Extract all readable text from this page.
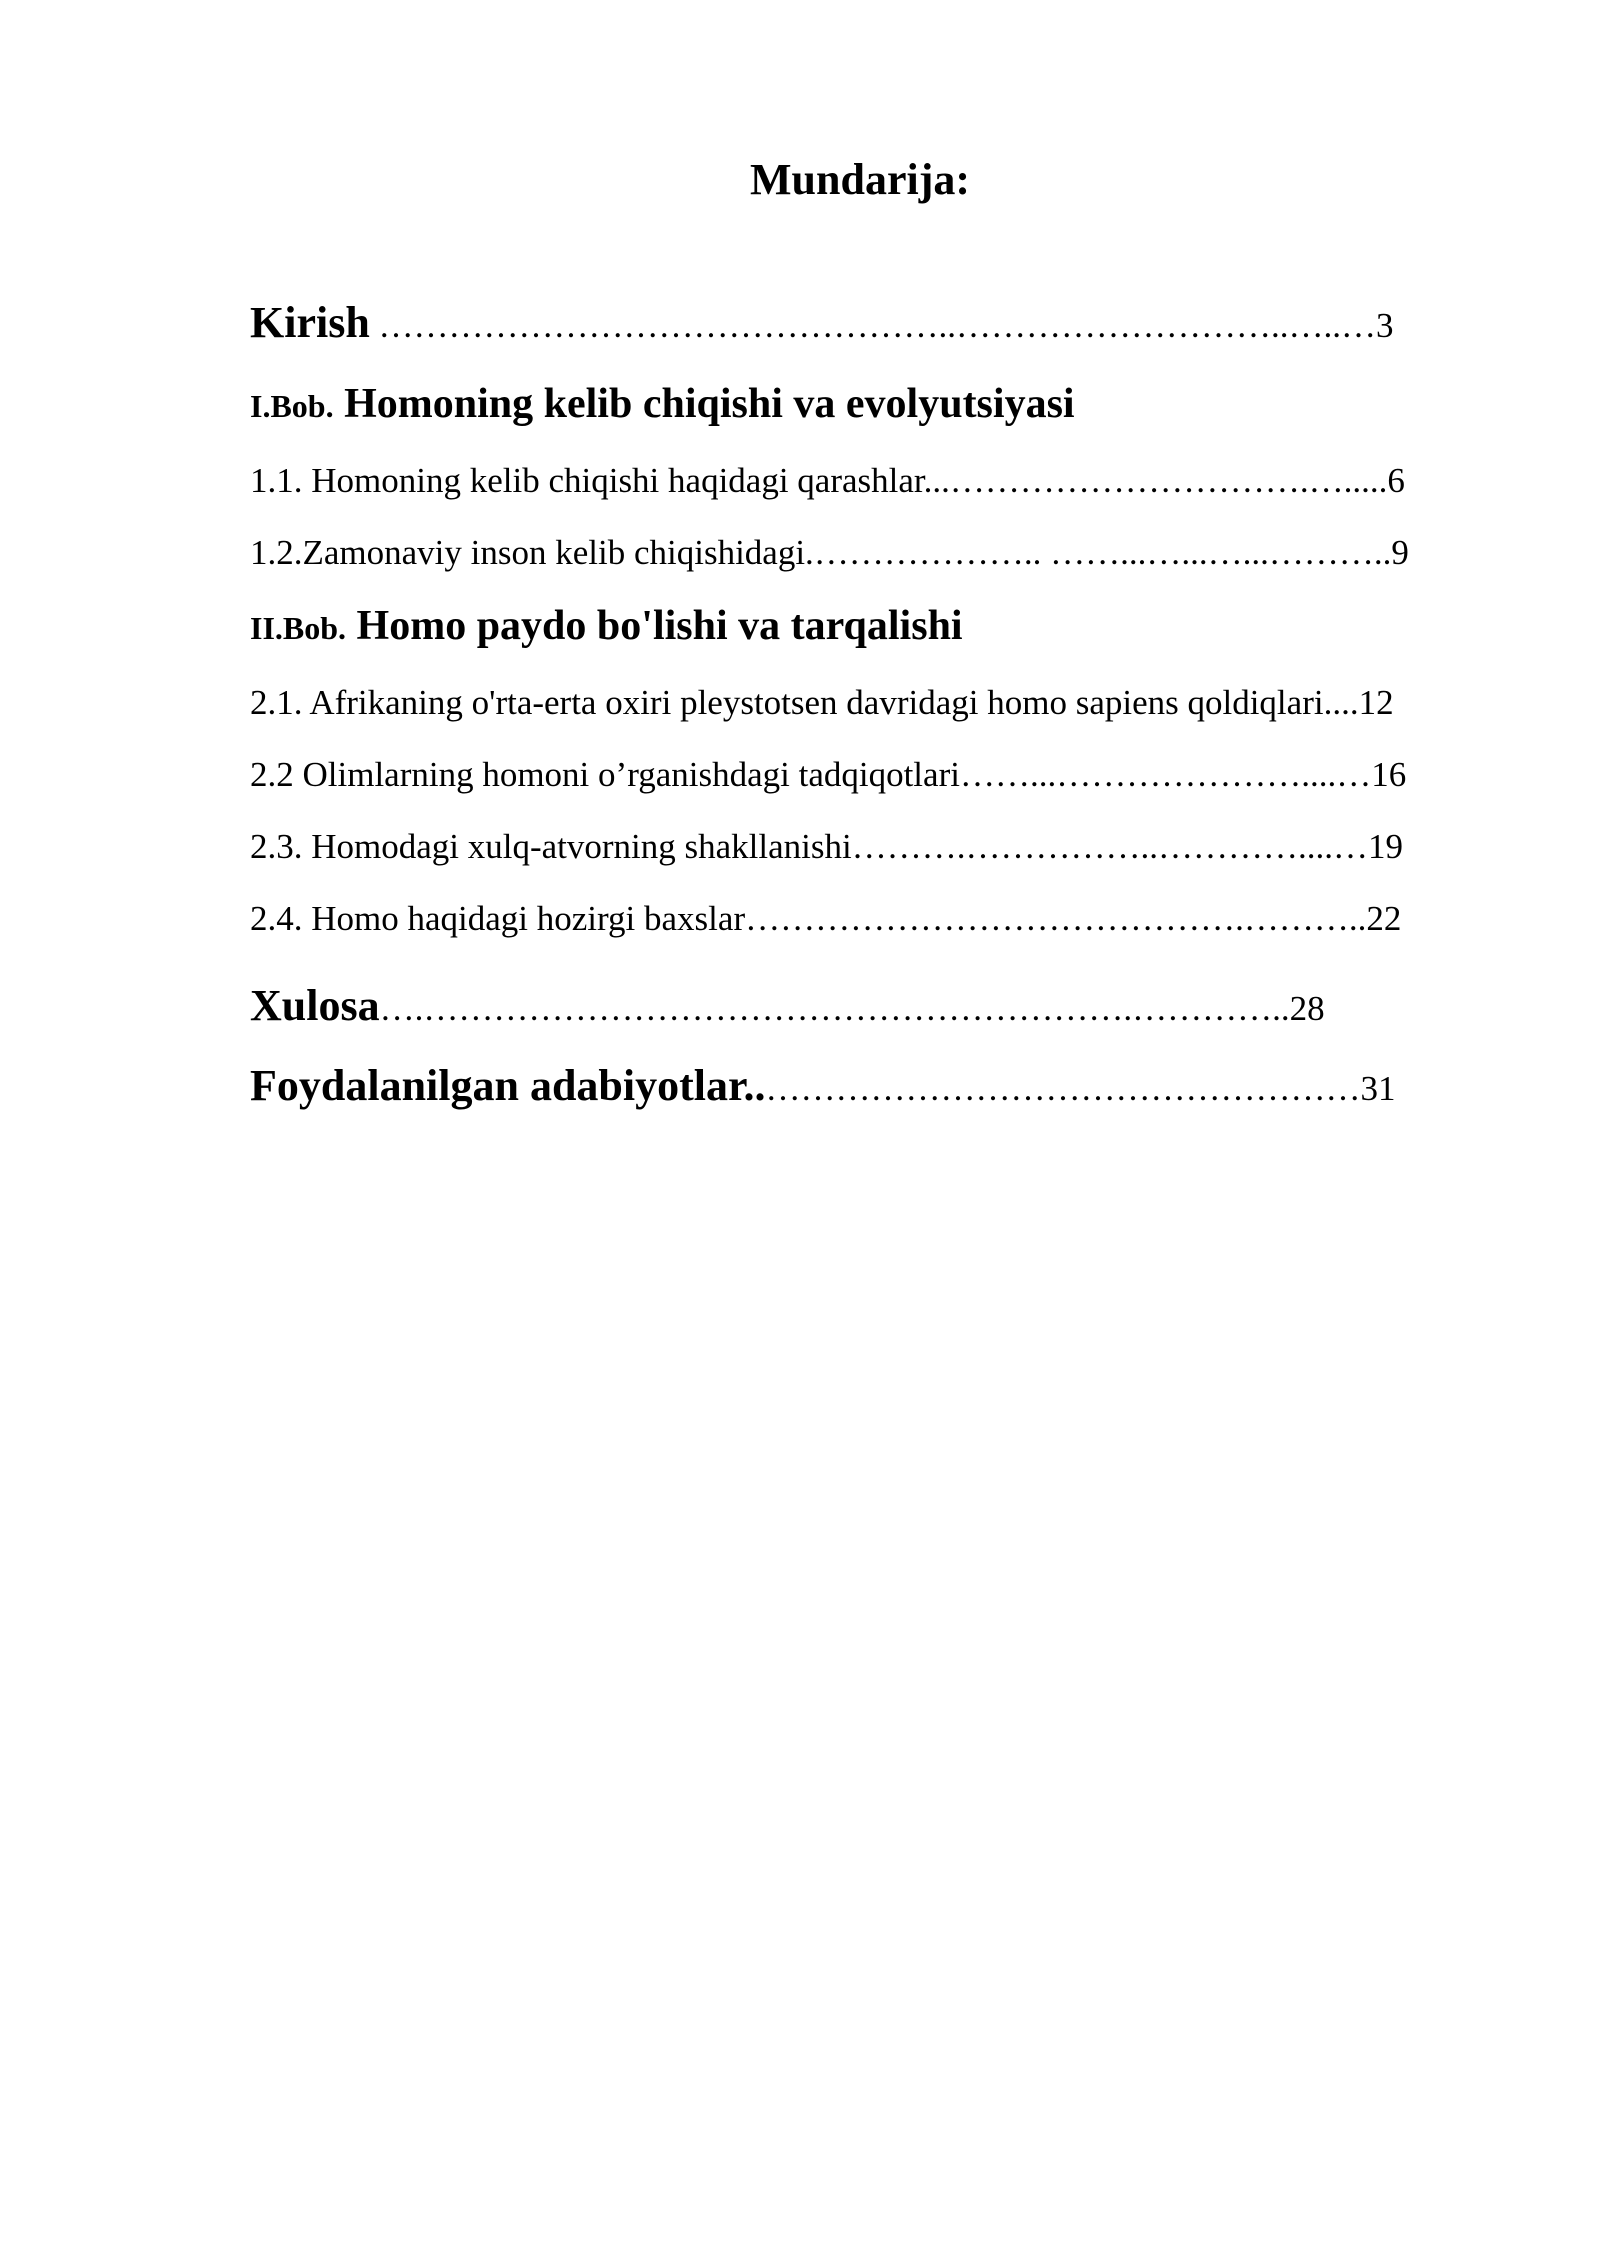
Mundarija:
Kirish …………………………………………..………………………..…..…3
I.Bob. Homoning kelib chiqishi va evolyutsiyasi
1.1. Homoning kelib chiqishi haqidagi qarashlar...………………………….….....6
1.2.Zamonaviy inson kelib chiqishidagi.……………….. ……...…...…...………..9
II.Bob. Homo paydo bo'lishi va tarqalishi
2.1. Afrikaning o'rta-erta oxiri pleystotsen davridagi homo sapiens qoldiqlari....12
2.2 Olimlarning homoni o’rganishdagi tadqiqotlari……...…………………....…16
2.3. Homodagi xulq-atvorning shakllanishi……….……………..…………....…19
2.4. Homo haqidagi hozirgi baxslar…………………………………….………..22
Xulosa….…………………………………………………….…………..28
Foydalanilgan adabiyotlar..……………………………………………31
